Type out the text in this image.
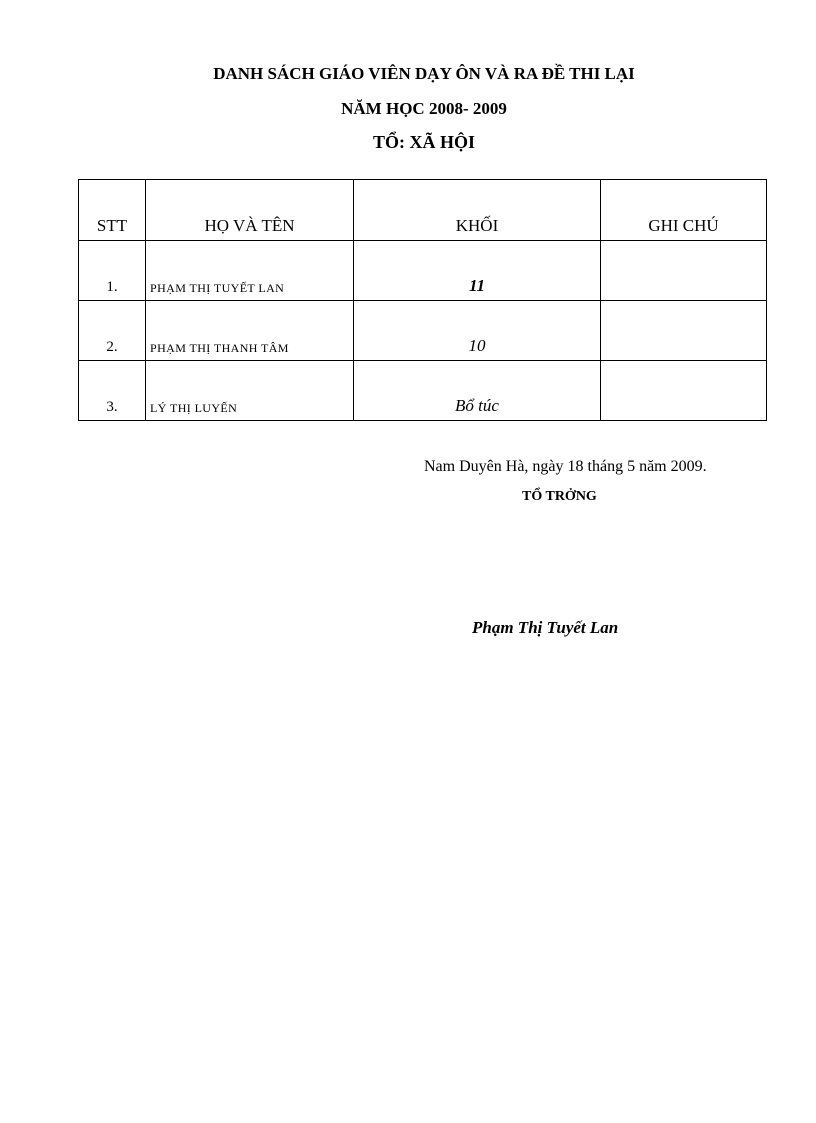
DANH SÁCH GIÁO VIÊN DẠY ÔN VÀ RA ĐỀ THI LẠI
NĂM HỌC 2008- 2009
TỔ: XÃ HỘI
STT	HỌ VÀ TÊN	KHỐI	GHI CHÚ
1.	PHẠM THỊ TUYẾT LAN	11	
2.	PHẠM THỊ THANH TÂM	10	
3.	LÝ THỊ LUYẾN	Bổ túc	
Nam Duyên Hà, ngày 18 tháng 5 năm 2009.
TỔ TRỞNG
Phạm Thị Tuyết Lan
